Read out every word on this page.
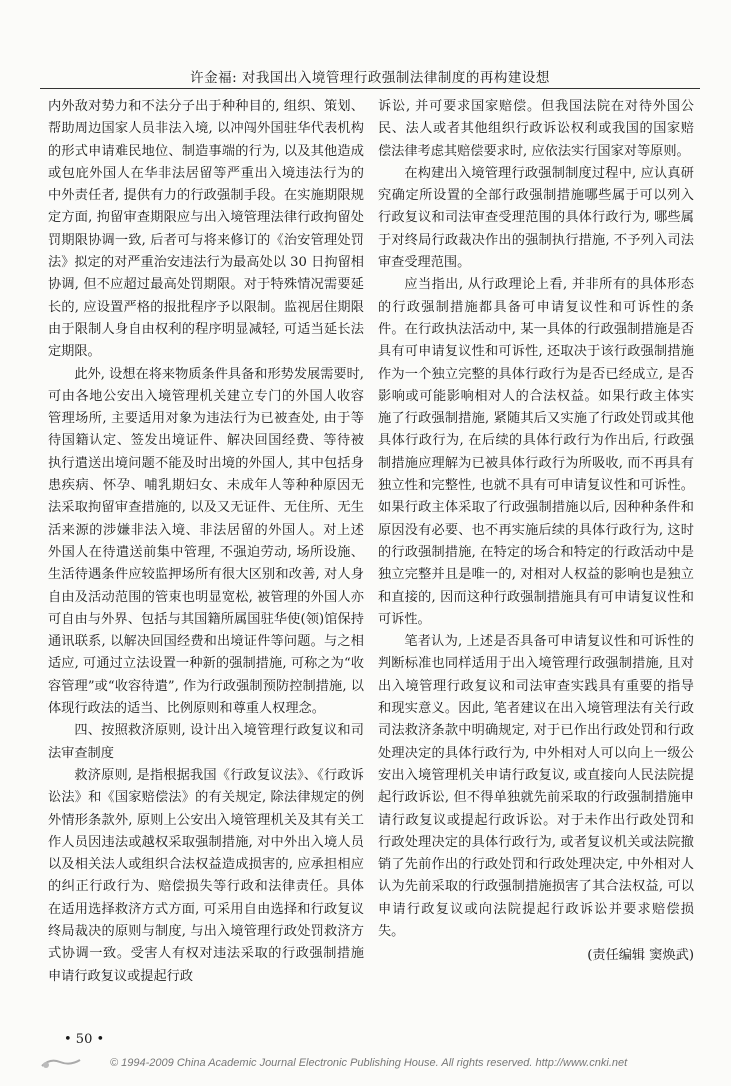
许金福: 对我国出入境管理行政强制法律制度的再构建设想

内外敌对势力和不法分子出于种种目的, 组织、策划、帮助周边国家人员非法入境, 以冲闯外国驻华代表机构的形式申请难民地位、制造事端的行为, 以及其他造成或包庇外国人在华非法居留等严重出入境违法行为的中外责任者, 提供有力的行政强制手段。在实施期限规定方面, 拘留审查期限应与出入境管理法律行政拘留处罚期限协调一致, 后者可与将来修订的《治安管理处罚法》拟定的对严重治安违法行为最高处以 30 日拘留相协调, 但不应超过最高处罚期限。对于特殊情况需要延长的, 应设置严格的报批程序予以限制。监视居住期限由于限制人身自由权利的程序明显减轻, 可适当延长法定期限。

此外, 设想在将来物质条件具备和形势发展需要时, 可由各地公安出入境管理机关建立专门的外国人收容管理场所, 主要适用对象为违法行为已被查处, 由于等待国籍认定、签发出境证件、解决回国经费、等待被执行遣送出境问题不能及时出境的外国人, 其中包括身患疾病、怀孕、哺乳期妇女、未成年人等种种原因无法采取拘留审查措施的, 以及又无证件、无住所、无生活来源的涉嫌非法入境、非法居留的外国人。对上述外国人在待遣送前集中管理, 不强迫劳动, 场所设施、生活待遇条件应较监押场所有很大区别和改善, 对人身自由及活动范围的管束也明显宽松, 被管理的外国人亦可自由与外界、包括与其国籍所属国驻华使(领)馆保持通讯联系, 以解决回国经费和出境证件等问题。与之相适应, 可通过立法设置一种新的强制措施, 可称之为“收容管理”或“收容待遣”, 作为行政强制预防控制措施, 以体现行政法的适当、比例原则和尊重人权理念。

四、按照救济原则, 设计出入境管理行政复议和司法审查制度

救济原则, 是指根据我国《行政复议法》、《行政诉讼法》和《国家赔偿法》的有关规定, 除法律规定的例外情形条款外, 原则上公安出入境管理机关及其有关工作人员因违法或越权采取强制措施, 对中外出入境人员以及相关法人或组织合法权益造成损害的, 应承担相应的纠正行政行为、赔偿损失等行政和法律责任。具体在适用选择救济方式方面, 可采用自由选择和行政复议终局裁决的原则与制度, 与出入境管理行政处罚救济方式协调一致。受害人有权对违法采取的行政强制措施申请行政复议或提起行政

诉讼, 并可要求国家赔偿。但我国法院在对待外国公民、法人或者其他组织行政诉讼权利或我国的国家赔偿法律考虑其赔偿要求时, 应依法实行国家对等原则。

在构建出入境管理行政强制制度过程中, 应认真研究确定所设置的全部行政强制措施哪些属于可以列入行政复议和司法审查受理范围的具体行政行为, 哪些属于对终局行政裁决作出的强制执行措施, 不予列入司法审查受理范围。

应当指出, 从行政理论上看, 并非所有的具体形态的行政强制措施都具备可申请复议性和可诉性的条件。在行政执法活动中, 某一具体的行政强制措施是否具有可申请复议性和可诉性, 还取决于该行政强制措施作为一个独立完整的具体行政行为是否已经成立, 是否影响或可能影响相对人的合法权益。如果行政主体实施了行政强制措施, 紧随其后又实施了行政处罚或其他具体行政行为, 在后续的具体行政行为作出后, 行政强制措施应理解为已被具体行政行为所吸收, 而不再具有独立性和完整性, 也就不具有可申请复议性和可诉性。如果行政主体采取了行政强制措施以后, 因种种条件和原因没有必要、也不再实施后续的具体行政行为, 这时的行政强制措施, 在特定的场合和特定的行政活动中是独立完整并且是唯一的, 对相对人权益的影响也是独立和直接的, 因而这种行政强制措施具有可申请复议性和可诉性。

笔者认为, 上述是否具备可申请复议性和可诉性的判断标准也同样适用于出入境管理行政强制措施, 且对出入境管理行政复议和司法审查实践具有重要的指导和现实意义。因此, 笔者建议在出入境管理法有关行政司法救济条款中明确规定, 对于已作出行政处罚和行政处理决定的具体行政行为, 中外相对人可以向上一级公安出入境管理机关申请行政复议, 或直接向人民法院提起行政诉讼, 但不得单独就先前采取的行政强制措施申请行政复议或提起行政诉讼。对于未作出行政处罚和行政处理决定的具体行政行为, 或者复议机关或法院撤销了先前作出的行政处罚和行政处理决定, 中外相对人认为先前采取的行政强制措施损害了其合法权益, 可以申请行政复议或向法院提起行政诉讼并要求赔偿损失。

(责任编辑 窦焕武)
• 50 •
© 1994-2009 China Academic Journal Electronic Publishing House. All rights reserved. http://www.cnki.net
